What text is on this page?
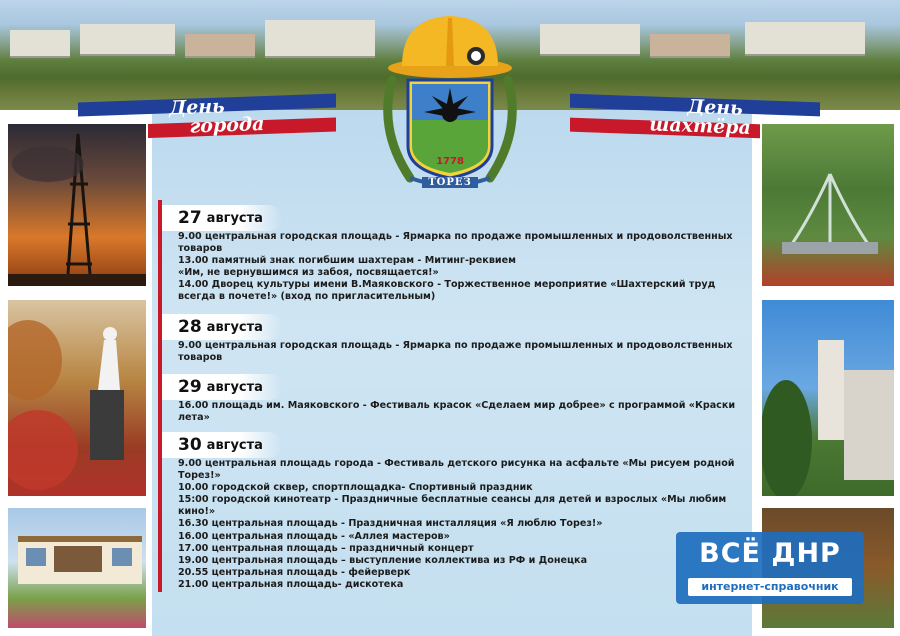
День
города
День
шахтёра
1778
ТОРЕЗ
27 августа
9.00 центральная городская площадь - Ярмарка по продаже промышленных и продоволственных товаров
13.00 памятный знак погибшим шахтерам - Митинг-реквием
«Им, не вернувшимся из забоя, посвящается!»
14.00 Дворец культуры имени В.Маяковского - Торжественное мероприятие «Шахтерский труд всегда в почете!» (вход по пригласительным)
28 августа
9.00 центральная городская площадь - Ярмарка по продаже промышленных и продоволственных товаров
29 августа
16.00 площадь им. Маяковского - Фестиваль красок «Сделаем мир добрее» с программой «Краски лета»
30 августа
9.00 центральная площадь города - Фестиваль детского рисунка на асфальте «Мы рисуем родной Торез!»
10.00 городской сквер, спортплощадка- Спортивный праздник
15:00 городской кинотеатр - Праздничные бесплатные сеансы для детей и взрослых «Мы любим кино!»
16.30 центральная площадь - Праздничная инсталляция «Я люблю Торез!»
16.00 центральная площадь - «Аллея мастеров»
17.00 центральная площадь – праздничный концерт
19.00 центральная площадь – выступление коллектива из РФ и Донецка
20.55 центральная площадь - фейерверк
21.00 центральная площадь- дискотека
ВСЁ ДНР
интернет-справочник
